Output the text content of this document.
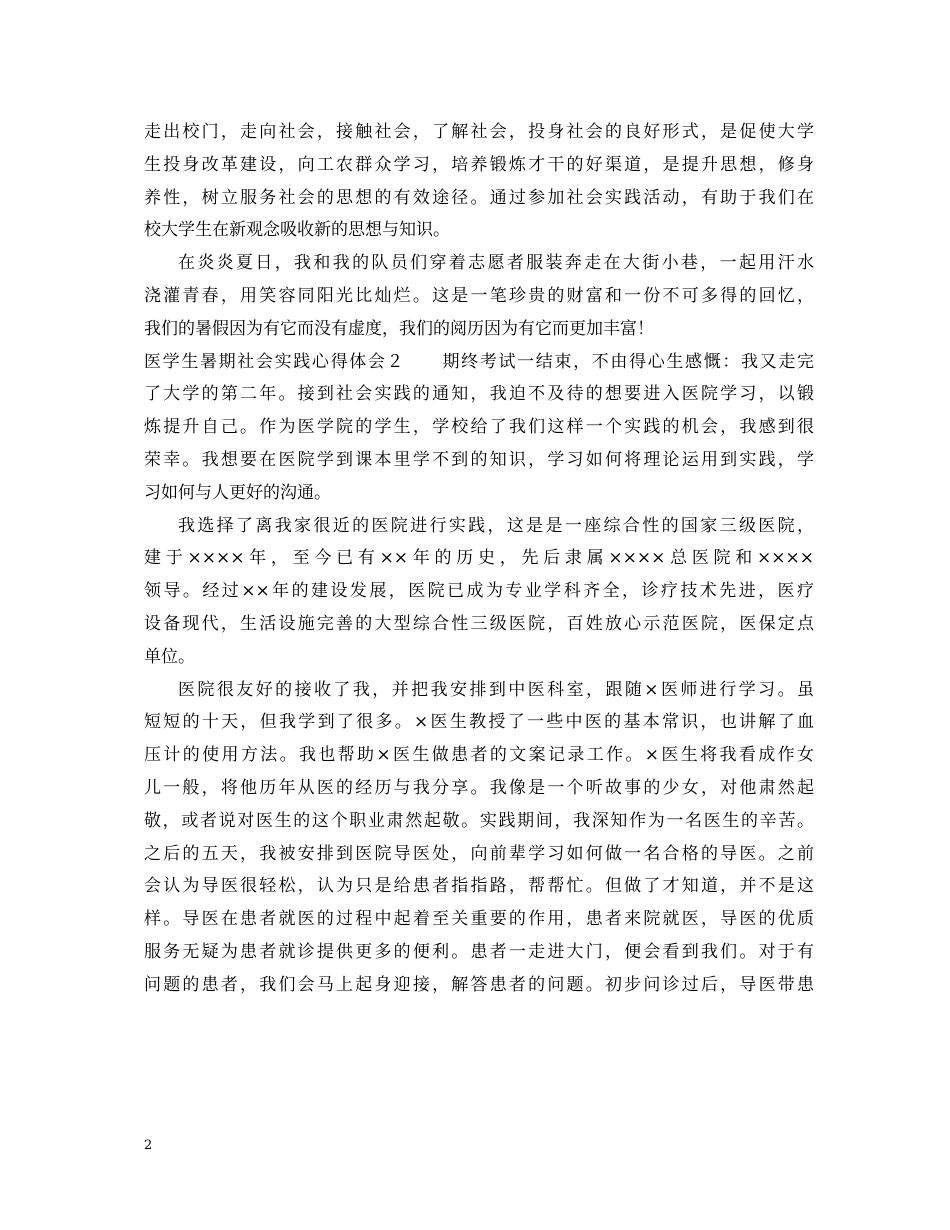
走出校门，走向社会，接触社会，了解社会，投身社会的良好形式，是促使大学
生投身改革建设，向工农群众学习，培养锻炼才干的好渠道，是提升思想，修身
养性，树立服务社会的思想的有效途径。通过参加社会实践活动，有助于我们在
校大学生在新观念吸收新的思想与知识。
在炎炎夏日，我和我的队员们穿着志愿者服装奔走在大街小巷，一起用汗水
浇灌青春，用笑容同阳光比灿烂。这是一笔珍贵的财富和一份不可多得的回忆，
我们的暑假因为有它而没有虚度，我们的阅历因为有它而更加丰富！
医学生暑期社会实践心得体会２　　期终考试一结束，不由得心生感慨：我又走完
了大学的第二年。接到社会实践的通知，我迫不及待的想要进入医院学习，以锻
炼提升自己。作为医学院的学生，学校给了我们这样一个实践的机会，我感到很
荣幸。我想要在医院学到课本里学不到的知识，学习如何将理论运用到实践，学
习如何与人更好的沟通。
我选择了离我家很近的医院进行实践，这是是一座综合性的国家三级医院，
建于××××年，至今已有××年的历史，先后隶属××××总医院和××××
领导。经过××年的建设发展，医院已成为专业学科齐全，诊疗技术先进，医疗
设备现代，生活设施完善的大型综合性三级医院，百姓放心示范医院，医保定点
单位。
医院很友好的接收了我，并把我安排到中医科室，跟随×医师进行学习。虽
短短的十天，但我学到了很多。×医生教授了一些中医的基本常识，也讲解了血
压计的使用方法。我也帮助×医生做患者的文案记录工作。×医生将我看成作女
儿一般，将他历年从医的经历与我分享。我像是一个听故事的少女，对他肃然起
敬，或者说对医生的这个职业肃然起敬。实践期间，我深知作为一名医生的辛苦。
之后的五天，我被安排到医院导医处，向前辈学习如何做一名合格的导医。之前
会认为导医很轻松，认为只是给患者指指路，帮帮忙。但做了才知道，并不是这
样。导医在患者就医的过程中起着至关重要的作用，患者来院就医，导医的优质
服务无疑为患者就诊提供更多的便利。患者一走进大门，便会看到我们。对于有
问题的患者，我们会马上起身迎接，解答患者的问题。初步问诊过后，导医带患
2
